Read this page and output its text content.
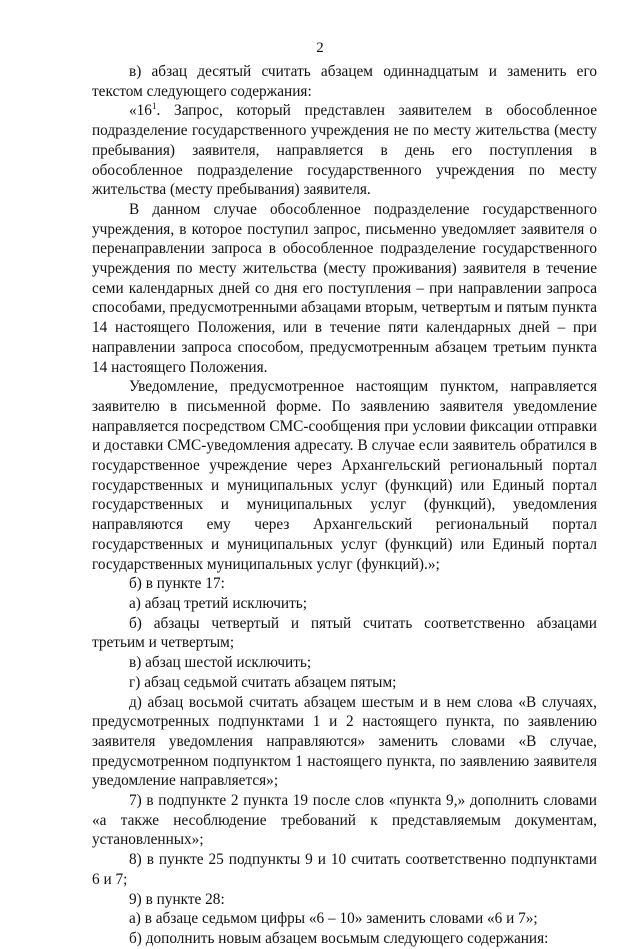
2

в) абзац десятый считать абзацем одиннадцатым и заменить его текстом следующего содержания:

«$16^1$. Запрос, который представлен заявителем в обособленное подразделение государственного учреждения не по месту жительства (месту пребывания) заявителя, направляется в день его поступления в обособленное подразделение государственного учреждения по месту жительства (месту пребывания) заявителя.

В данном случае обособленное подразделение государственного учреждения, в которое поступил запрос, письменно уведомляет заявителя о перенаправлении запроса в обособленное подразделение государственного учреждения по месту жительства (месту проживания) заявителя в течение семи календарных дней со дня его поступления – при направлении запроса способами, предусмотренными абзацами вторым, четвертым и пятым пункта 14 настоящего Положения, или в течение пяти календарных дней – при направлении запроса способом, предусмотренным абзацем третьим пункта 14 настоящего Положения.

Уведомление, предусмотренное настоящим пунктом, направляется заявителю в письменной форме. По заявлению заявителя уведомление направляется посредством СМС-сообщения при условии фиксации отправки и доставки СМС-уведомления адресату. В случае если заявитель обратился в государственное учреждение через Архангельский региональный портал государственных и муниципальных услуг (функций) или Единый портал государственных и муниципальных услуг (функций), уведомления направляются ему через Архангельский региональный портал государственных и муниципальных услуг (функций) или Единый портал государственных муниципальных услуг (функций).»;

б) в пункте 17:

а) абзац третий исключить;

б) абзацы четвертый и пятый считать соответственно абзацами третьим и четвертым;

в) абзац шестой исключить;

г) абзац седьмой считать абзацем пятым;

д) абзац восьмой считать абзацем шестым и в нем слова «В случаях, предусмотренных подпунктами 1 и 2 настоящего пункта, по заявлению заявителя уведомления направляются» заменить словами «В случае, предусмотренном подпунктом 1 настоящего пункта, по заявлению заявителя уведомление направляется»;

7) в подпункте 2 пункта 19 после слов «пункта 9,» дополнить словами «а также несоблюдение требований к представляемым документам, установленных»;

8) в пункте 25 подпункты 9 и 10 считать соответственно подпунктами 6 и 7;

9) в пункте 28:

а) в абзаце седьмом цифры «6 – 10» заменить словами «6 и 7»;

б) дополнить новым абзацем восьмым следующего содержания:
